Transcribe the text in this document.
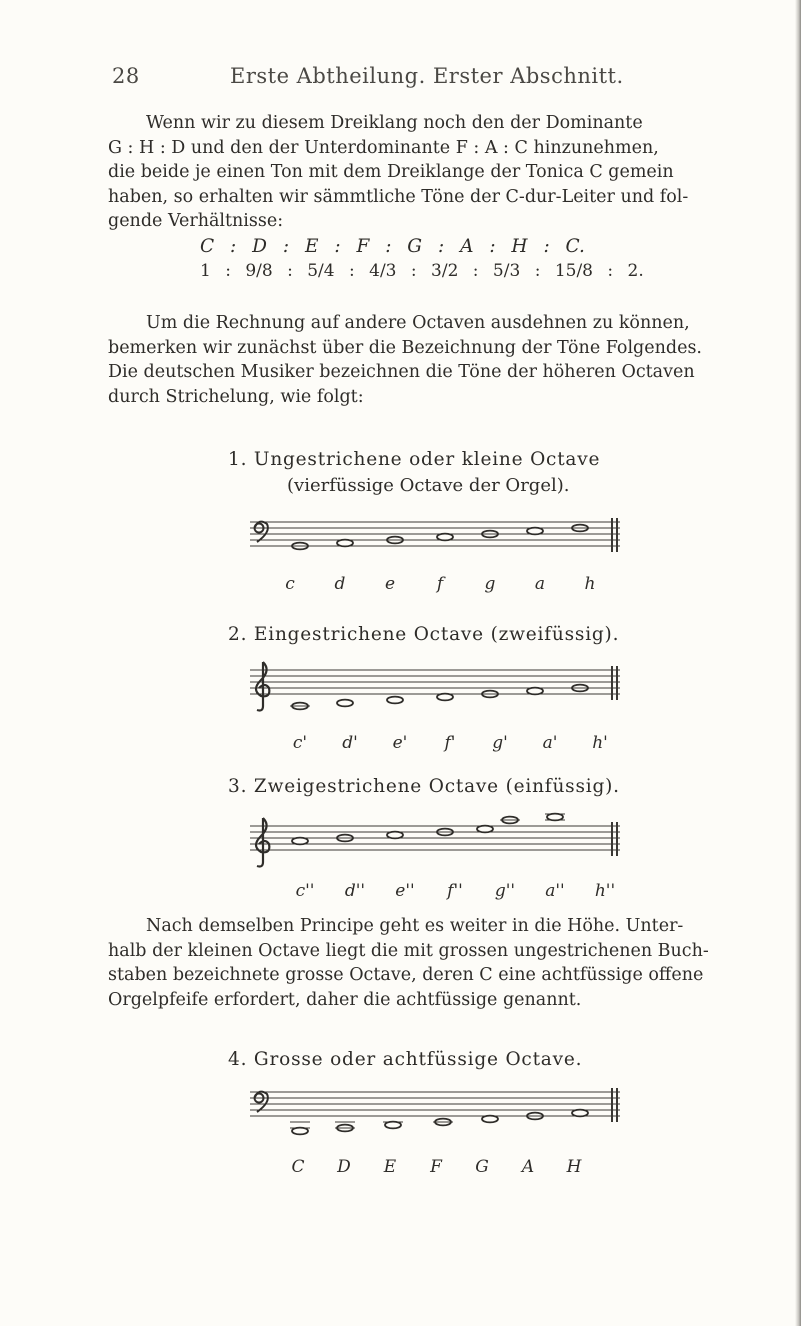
28	Erste Abtheilung. Erster Abschnitt.
Wenn wir zu diesem Dreiklang noch den der Dominante
G : H : D und den der Unterdominante F : A : C hinzunehmen,
die beide je einen Ton mit dem Dreiklange der Tonica C gemein
haben, so erhalten wir sämmtliche Töne der C-dur-Leiter und fol-
gende Verhältnisse:
C : D : E : F : G : A : H : C.
1 : 9/8 : 5/4 : 4/3 : 3/2 : 5/3 : 15/8 : 2.
Um die Rechnung auf andere Octaven ausdehnen zu können,
bemerken wir zunächst über die Bezeichnung der Töne Folgendes.
Die deutschen Musiker bezeichnen die Töne der höheren Octaven
durch Strichelung, wie folgt:
1. Ungestrichene oder kleine Octave
(vierfüssige Octave der Orgel).
c d e f g a h
2. Eingestrichene Octave (zweifüssig).
c' d' e' f' g' a' h'
3. Zweigestrichene Octave (einfüssig).
c'' d'' e'' f'' g'' a'' h''
Nach demselben Principe geht es weiter in die Höhe. Unter-
halb der kleinen Octave liegt die mit grossen ungestrichenen Buch-
staben bezeichnete grosse Octave, deren C eine achtfüssige offene
Orgelpfeife erfordert, daher die achtfüssige genannt.
4. Grosse oder achtfüssige Octave.
C D E F G A H
